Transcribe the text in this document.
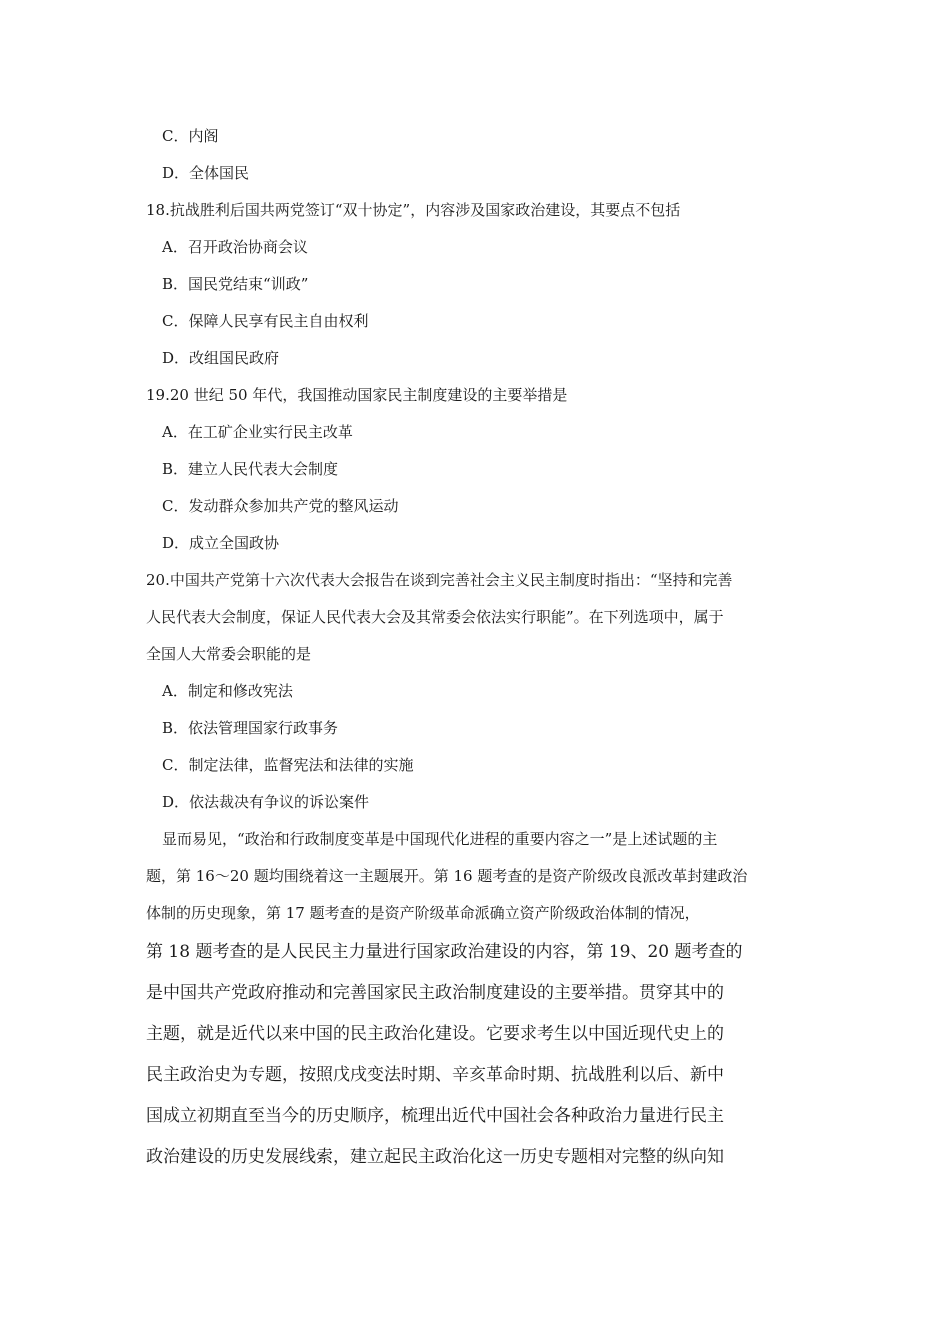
C．内阁
D．全体国民
18.抗战胜利后国共两党签订“双十协定”，内容涉及国家政治建设，其要点不包括
A．召开政治协商会议
B．国民党结束“训政”
C．保障人民享有民主自由权利
D．改组国民政府
19.20 世纪 50 年代，我国推动国家民主制度建设的主要举措是
A．在工矿企业实行民主改革
B．建立人民代表大会制度
C．发动群众参加共产党的整风运动
D．成立全国政协
20.中国共产党第十六次代表大会报告在谈到完善社会主义民主制度时指出：“坚持和完善
人民代表大会制度，保证人民代表大会及其常委会依法实行职能”。在下列选项中，属于
全国人大常委会职能的是
A．制定和修改宪法
B．依法管理国家行政事务
C．制定法律，监督宪法和法律的实施
D．依法裁决有争议的诉讼案件
显而易见，“政治和行政制度变革是中国现代化进程的重要内容之一”是上述试题的主
题，第 16～20 题均围绕着这一主题展开。第 16 题考查的是资产阶级改良派改革封建政治
体制的历史现象，第 17 题考查的是资产阶级革命派确立资产阶级政治体制的情况，
第 18 题考查的是人民民主力量进行国家政治建设的内容，第 19、20 题考查的
是中国共产党政府推动和完善国家民主政治制度建设的主要举措。贯穿其中的
主题，就是近代以来中国的民主政治化建设。它要求考生以中国近现代史上的
民主政治史为专题，按照戊戌变法时期、辛亥革命时期、抗战胜利以后、新中
国成立初期直至当今的历史顺序，梳理出近代中国社会各种政治力量进行民主
政治建设的历史发展线索，建立起民主政治化这一历史专题相对完整的纵向知
